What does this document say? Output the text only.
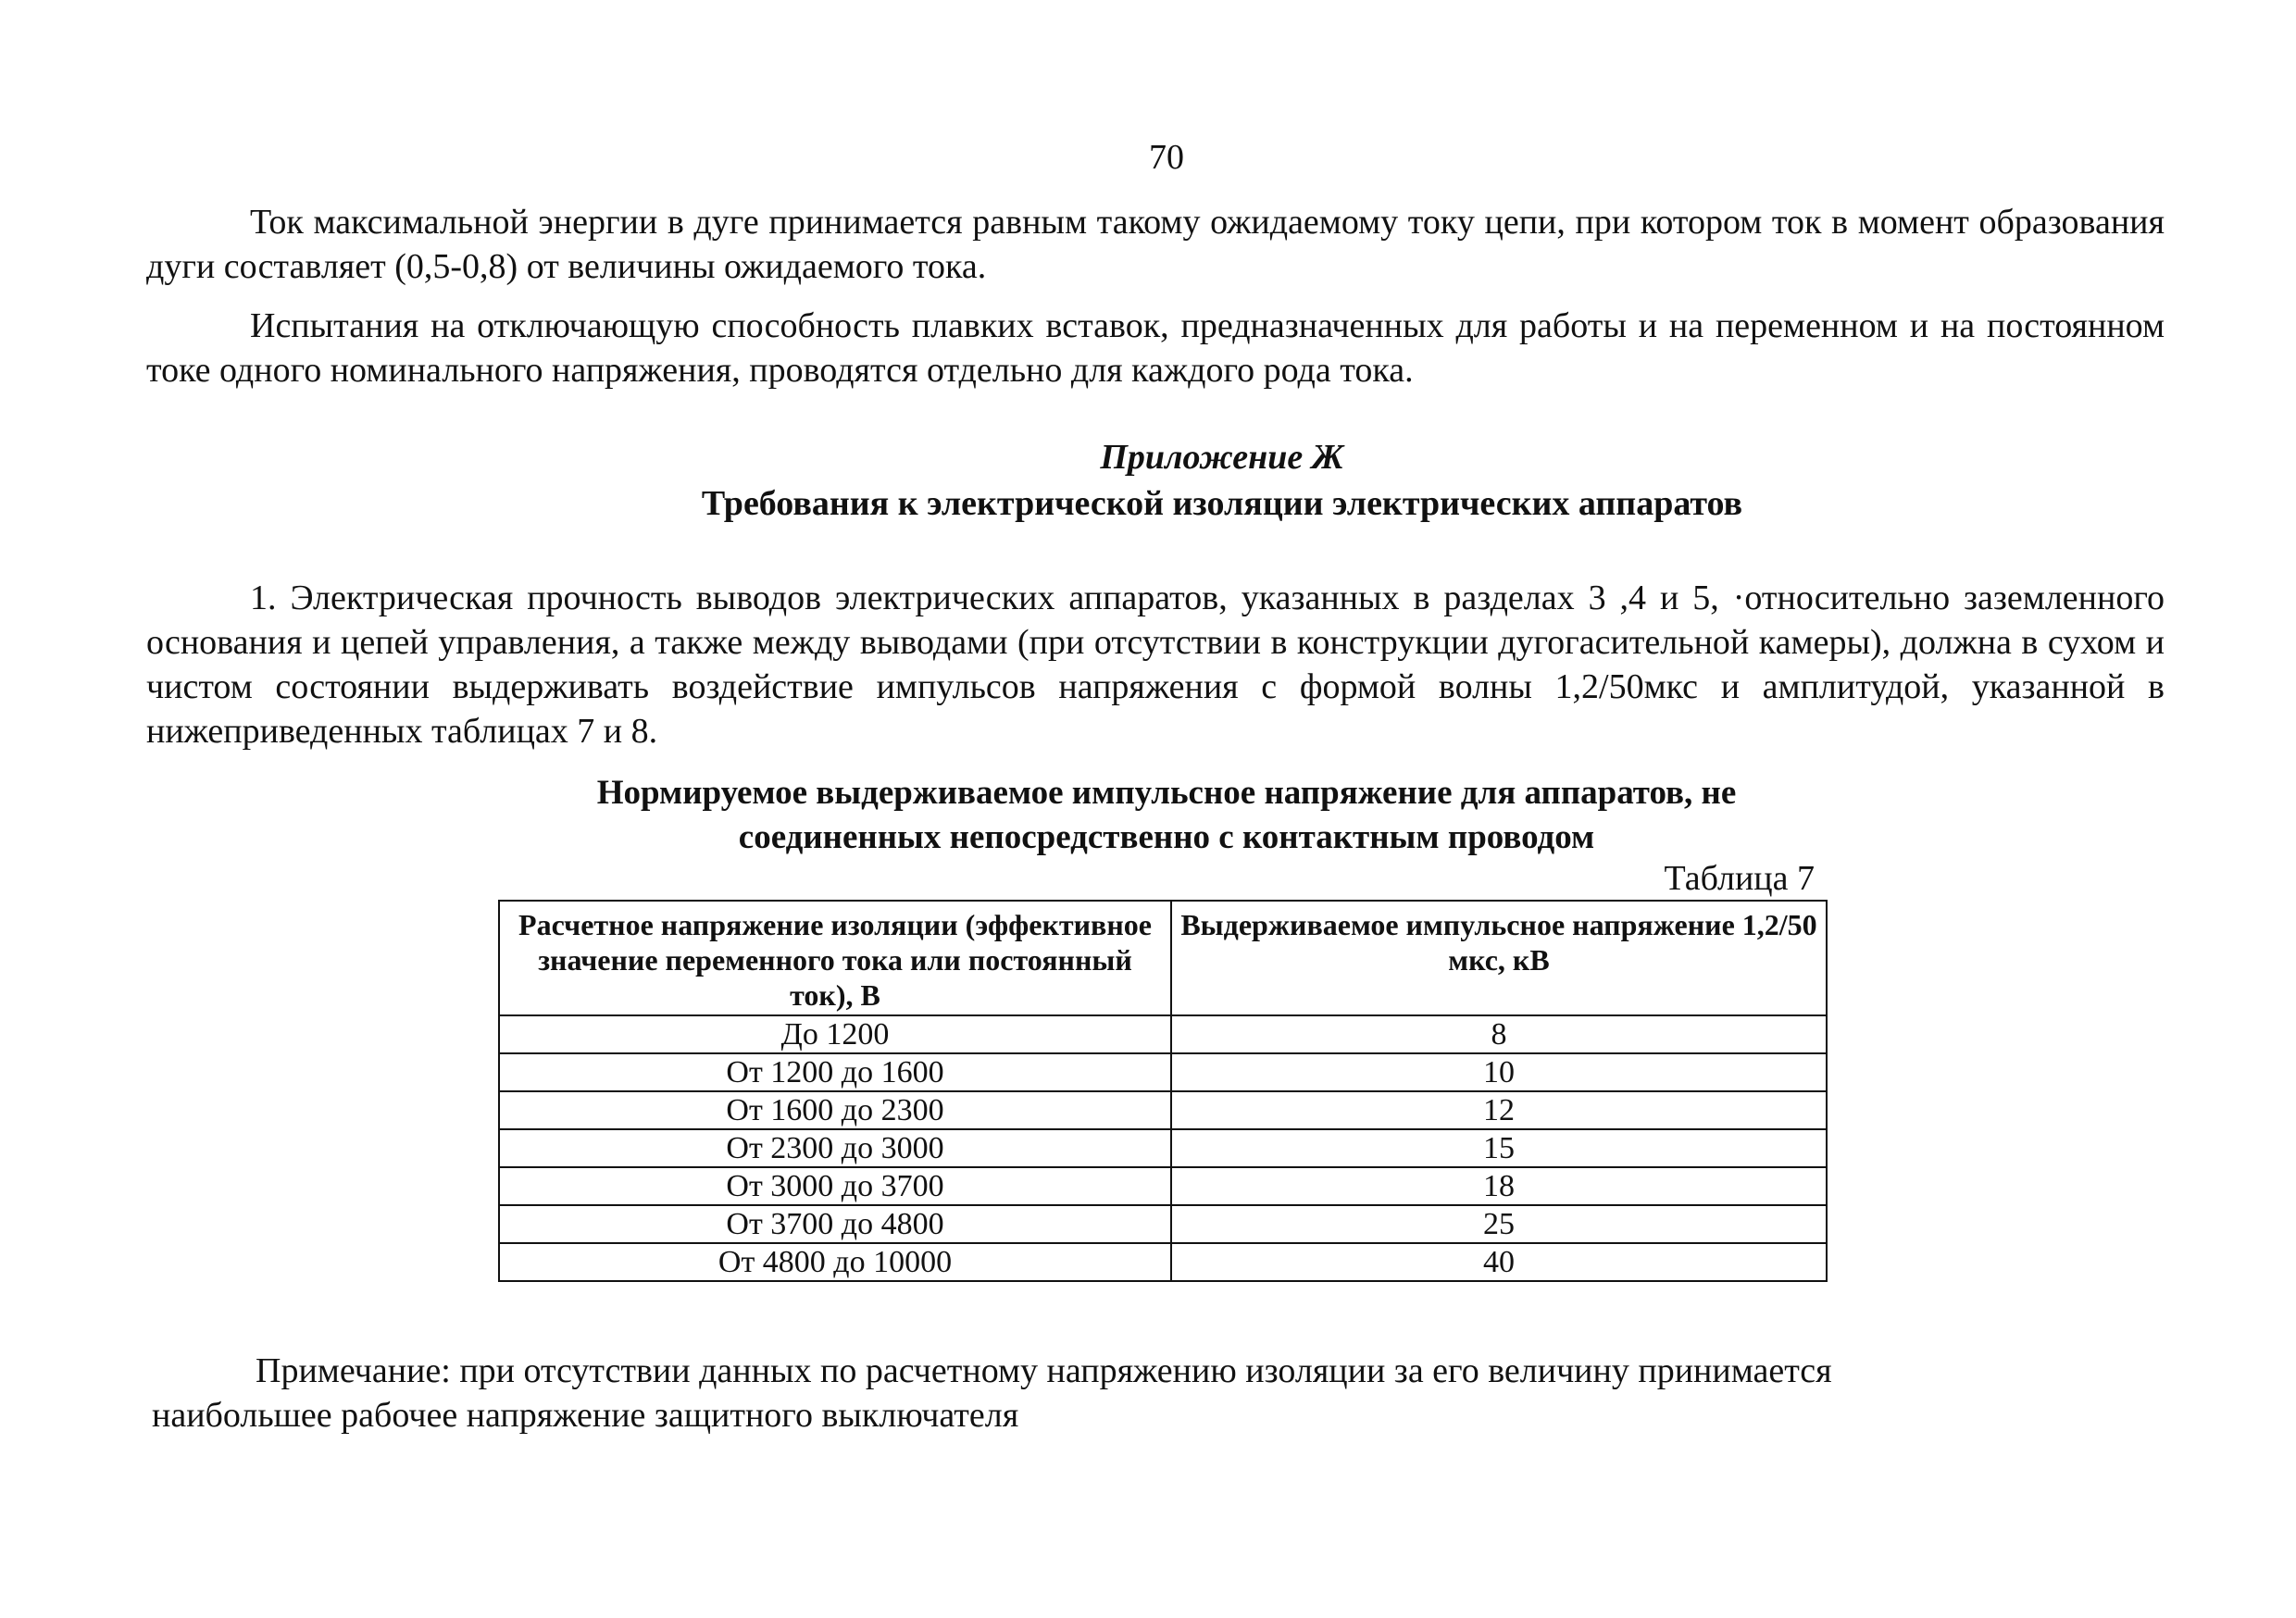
70

Ток максимальной энергии в дуге принимается равным такому ожидаемому току цепи, при котором ток в момент образования дуги составляет (0,5-0,8) от величины ожидаемого тока.

Испытания на отключающую способность плавких вставок, предназначенных для работы и на переменном и на постоянном токе одного номинального напряжения, проводятся отдельно для каждого рода тока.

Приложение Ж
Требования к электрической изоляции электрических аппаратов

1. Электрическая прочность выводов электрических аппаратов, указанных в разделах 3 ,4 и 5, ·относительно заземленного основания и цепей управления, а также между выводами (при отсутствии в конструкции дугогасительной камеры), должна в сухом и чистом состоянии выдерживать воздействие импульсов напряжения с формой волны 1,2/50мкс и амплитудой, указанной в нижеприведенных таблицах 7 и 8.

Нормируемое выдерживаемое импульсное напряжение для аппаратов, не
соединенных непосредственно с контактным проводом
Таблица 7
Расчетное напряжение изоляции (эффективное значение переменного тока или постоянный ток), В	Выдерживаемое импульсное напряжение 1,2/50 мкс, кВ
До 1200	8
От 1200 до 1600	10
От 1600 до 2300	12
От 2300 до 3000	15
От 3000 до 3700	18
От 3700 до 4800	25
От 4800 до 10000	40
Примечание: при отсутствии данных по расчетному напряжению изоляции за его величину принимается
наибольшее рабочее напряжение защитного выключателя
